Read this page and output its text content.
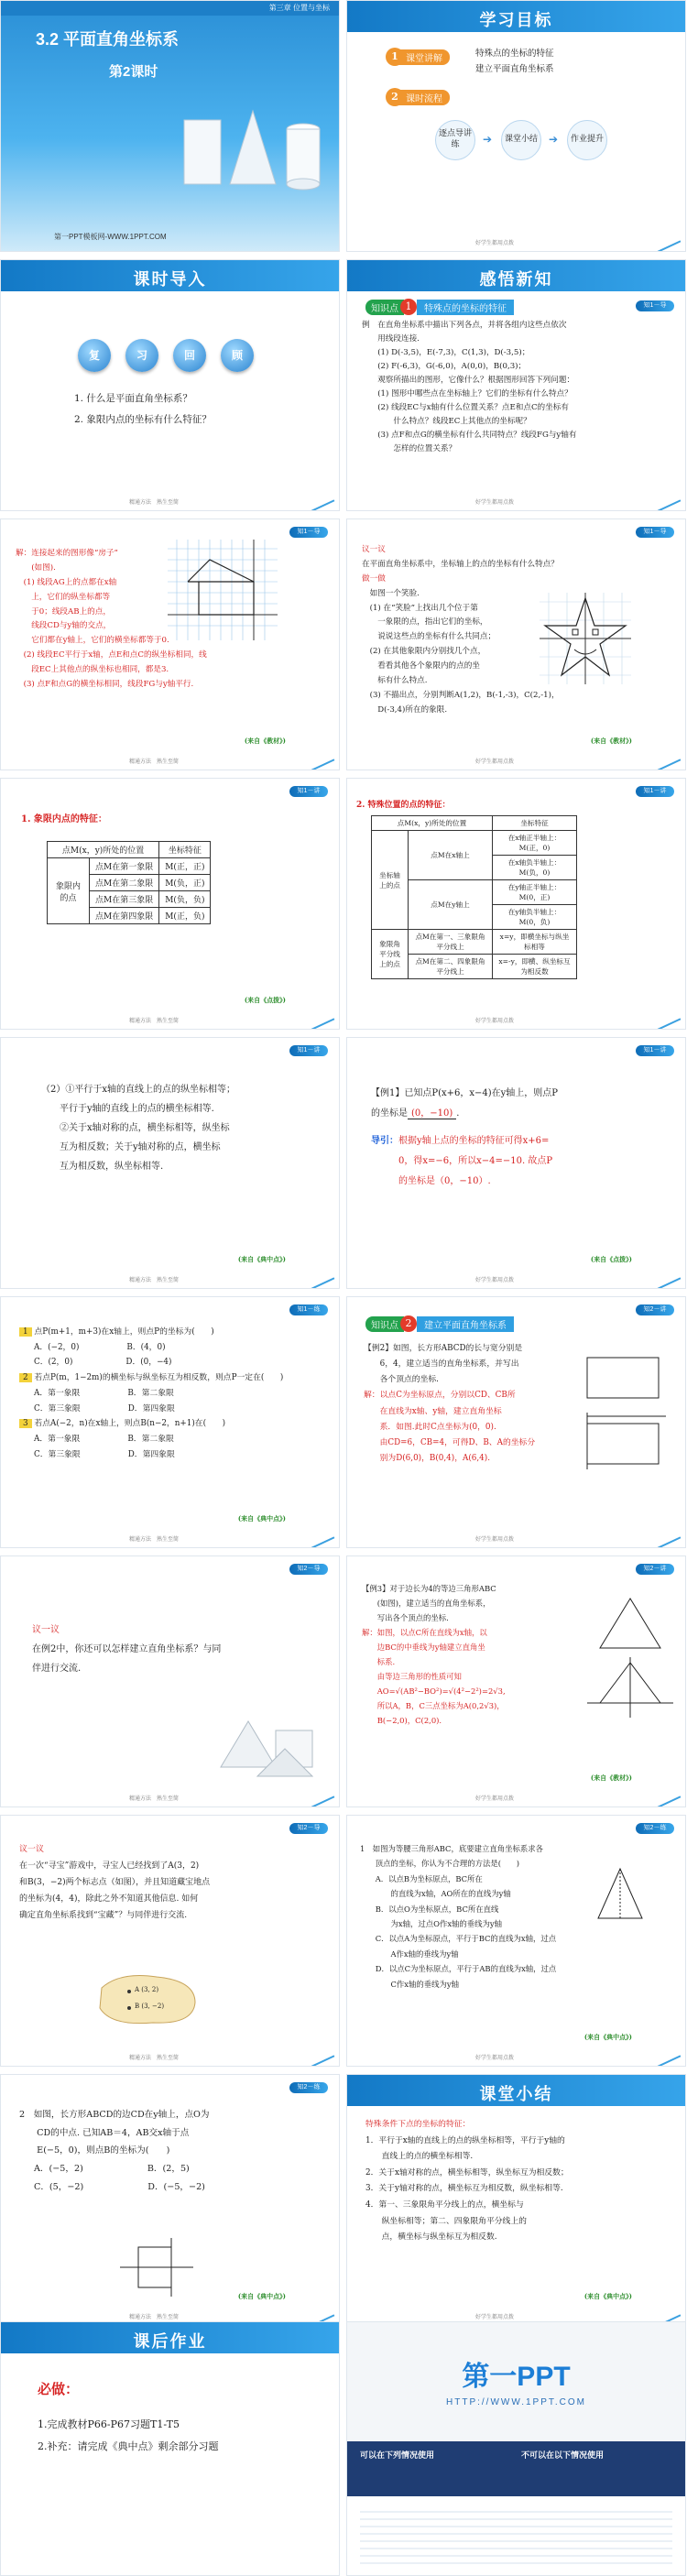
第三章 位置与坐标
3.2 平面直角坐标系
第2课时
第一PPT模板网-WWW.1PPT.COM
学习目标
1 课堂讲解	特殊点的坐标的特征
建立平面直角坐标系
2 课时流程
逐点导讲练	➔	课堂小结	➔	作业提升
好学生都用点拨
课时导入
复	习	回	顾
1. 什么是平面直角坐标系？
2. 象限内点的坐标有什么特征？
精通方法　熟生至简
感悟新知
知识点 1	特殊点的坐标的特征	知1－导
例　在直角坐标系中描出下列各点，并将各组内这些点依次
　　用线段连接.
　　(1) D(-3,5)，E(-7,3)，C(1,3)，D(-3,5)；
　　(2) F(-6,3)，G(-6,0)，A(0,0)，B(0,3)；
　　观察所描出的图形，它像什么？根据图形回答下列问题：
　　(1) 图形中哪些点在坐标轴上？它们的坐标有什么特点？
　　(2) 线段EC与x轴有什么位置关系？点E和点C的坐标有
　　　　什么特点？线段EC上其他点的坐标呢？
　　(3) 点F和点G的横坐标有什么共同特点？线段FG与y轴有
　　　　怎样的位置关系？
好学生都用点拨
知1－导
解：连接起来的图形像“房子”
　　(如图).
　(1) 线段AG上的点都在x轴
　　上，它们的纵坐标都等
　　于0；线段AB上的点，
　　线段CD与y轴的交点，
　　它们都在y轴上，它们的横坐标都等于0.
　(2) 线段EC平行于x轴，点E和点C的纵坐标相同，线
　　段EC上其他点的纵坐标也相同，都是3.
　(3) 点F和点G的横坐标相同，线段FG与y轴平行.
(来自《教材》)
精通方法　熟生至简
知1－导
议一议
在平面直角坐标系中，坐标轴上的点的坐标有什么特点？
做一做
　如图一个笑脸.
　(1) 在“笑脸”上找出几个位于第
　　一象限的点，指出它们的坐标，
　　说说这些点的坐标有什么共同点；
　(2) 在其他象限内分别找几个点，
　　看看其他各个象限内的点的坐
　　标有什么特点.
　(3) 不描出点，分别判断A(1,2)，B(-1,-3)，C(2,-1)，
　　D(-3,4)所在的象限.
(来自《教材》)
好学生都用点拨
知1－讲
1. 象限内点的特征：
点M(x，y)所处的位置		坐标特征
象限内的点	点M在第一象限	M(正，正)
	点M在第二象限	M(负，正)
	点M在第三象限	M(负，负)
	点M在第四象限	M(正，负)
(来自《点拨》)
精通方法　熟生至简
知1－讲
2. 特殊位置的点的特征：
点M(x，y)所处的位置		坐标特征
坐标轴上的点	点M在x轴上	在x轴正半轴上：M(正，0)
		在x轴负半轴上：M(负，0)
	点M在y轴上	在y轴正半轴上：M(0，正)
		在y轴负半轴上：M(0，负)
象限角平分线上的点	点M在第一、三象限角平分线上	x=y，即横坐标与纵坐标相等
	点M在第二、四象限角平分线上	x=-y，即横、纵坐标互为相反数
好学生都用点拨
知1－讲
（2）①平行于x轴的直线上的点的纵坐标相等；
　　平行于y轴的直线上的点的横坐标相等.
　　②关于x轴对称的点，横坐标相等，纵坐标
　　互为相反数；关于y轴对称的点，横坐标
　　互为相反数，纵坐标相等.
(来自《典中点》)
精通方法　熟生至简
知1－讲
【例1】已知点P(x+6，x−4)在y轴上，则点P
的坐标是 (0，−10) .
导引：根据y轴上点的坐标的特征可得x+6=
0，得x=−6，所以x−4=−10. 故点P
的坐标是（0，−10）.
(来自《点拨》)
好学生都用点拨
知1－练
1 点P(m+1，m+3)在x轴上，则点P的坐标为(　　)
A．(−2，0)	B．(4，0)
C．(2，0)	D．(0，−4)
2 若点P(m，1−2m)的横坐标与纵坐标互为相反数，则点P一定在(　　)
A．第一象限	B．第二象限
C．第三象限	D．第四象限
3 若点A(−2，n)在x轴上，则点B(n−2，n+1)在(　　)
A．第一象限	B．第二象限
C．第三象限	D．第四象限
(来自《典中点》)
精通方法　熟生至简
知识点 2	建立平面直角坐标系
知2－讲
【例2】如图，长方形ABCD的长与宽分别是
　　6，4，建立适当的直角坐标系，并写出
　　各个顶点的坐标.
解：以点C为坐标原点，分别以CD、CB所
　　在直线为x轴、y轴，建立直角坐标
　　系．如图.此时C点坐标为(0，0).
　　由CD=6，CB=4，可得D、B、A的坐标分
　　别为D(6,0)，B(0,4)，A(6,4).
好学生都用点拨
知2－导
议一议
在例2中，你还可以怎样建立直角坐标系？与同
伴进行交流.
精通方法　熟生至简
知2－讲
【例3】对于边长为4的等边三角形ABC
　　(如图)，建立适当的直角坐标系，
　　写出各个顶点的坐标.
解：如图，以点C所在直线为x轴，以
　　边BC的中垂线为y轴建立直角坐
　　标系.
　　由等边三角形的性质可知
　　AO=√(AB²−BO²)=√(4²−2²)=2√3,
　　所以A，B，C三点坐标为A(0,2√3)，
　　B(−2,0)，C(2,0).
(来自《教材》)
好学生都用点拨
知2－导
议一议
在一次“寻宝”游戏中，寻宝人已经找到了A(3，2)
和B(3，−2)两个标志点（如图），并且知道藏宝地点
的坐标为(4，4)，除此之外不知道其他信息. 如何
确定直角坐标系找到“宝藏”？与同伴进行交流.
A (3, 2)
B (3, −2)
精通方法　熟生至简
知2－练
1　如图为等腰三角形ABC，底要建立直角坐标系求各
　　顶点的坐标，你认为不合理的方法是(　　)
　　A．以点B为坐标原点，BC所在
　　　　的直线为x轴，AO所在的直线为y轴
　　B．以点O为坐标原点，BC所在直线
　　　　为x轴，过点O作x轴的垂线为y轴
　　C．以点A为坐标原点，平行于BC的直线为x轴，过点
　　　　A作x轴的垂线为y轴
　　D．以点C为坐标原点，平行于AB的直线为x轴，过点
　　　　C作x轴的垂线为y轴
(来自《典中点》)
好学生都用点拨
知2－练
2　如图，长方形ABCD的边CD在y轴上，点O为
　　CD的中点. 已知AB＝4，AB交x轴于点
　　E(−5，0)，则点B的坐标为(　　)
A．(−5，2)	B．(2，5)
C．(5，−2)	D．(−5，−2)
(来自《典中点》)
精通方法　熟生至简
课堂小结
特殊条件下点的坐标的特征：
1．平行于x轴的直线上的点的纵坐标相等，平行于y轴的
　　直线上的点的横坐标相等.
2．关于x轴对称的点，横坐标相等，纵坐标互为相反数；
3．关于y轴对称的点，横坐标互为相反数，纵坐标相等.
4．第一、三象限角平分线上的点，横坐标与
　　纵坐标相等；第二、四象限角平分线上的
　　点，横坐标与纵坐标互为相反数.
(来自《典中点》)
好学生都用点拨
课后作业
必做：
1.完成教材P66-P67习题T1-T5
2.补充：请完成《典中点》剩余部分习题
第一PPT
HTTP://WWW.1PPT.COM
可以在下列情况使用	不可以在以下情况使用
